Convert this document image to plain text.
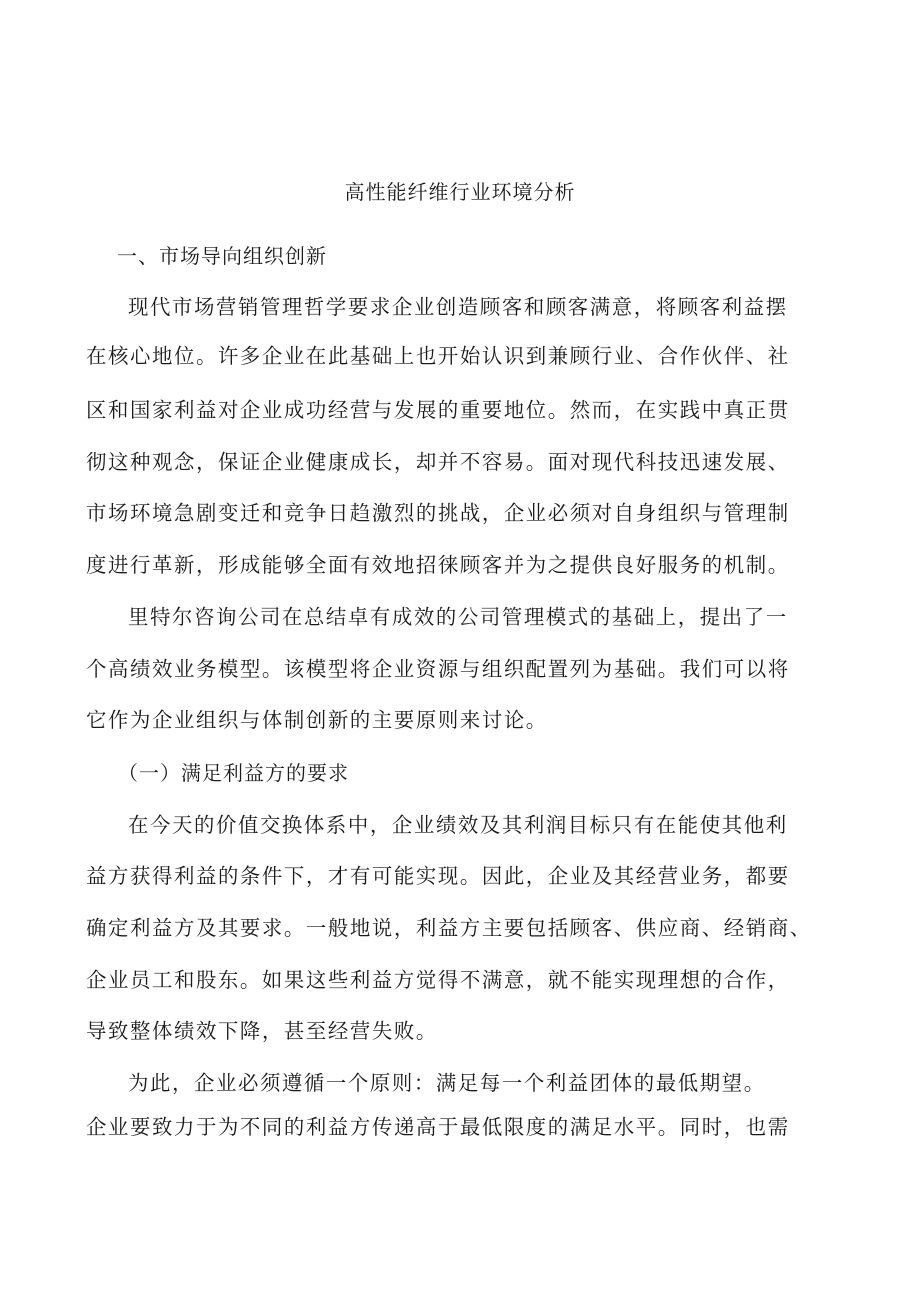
高性能纤维行业环境分析
一、市场导向组织创新
现代市场营销管理哲学要求企业创造顾客和顾客满意，将顾客利益摆
在核心地位。许多企业在此基础上也开始认识到兼顾行业、合作伙伴、社
区和国家利益对企业成功经营与发展的重要地位。然而，在实践中真正贯
彻这种观念，保证企业健康成长，却并不容易。面对现代科技迅速发展、
市场环境急剧变迁和竞争日趋激烈的挑战，企业必须对自身组织与管理制
度进行革新，形成能够全面有效地招徕顾客并为之提供良好服务的机制。
里特尔咨询公司在总结卓有成效的公司管理模式的基础上，提出了一
个高绩效业务模型。该模型将企业资源与组织配置列为基础。我们可以将
它作为企业组织与体制创新的主要原则来讨论。
（一）满足利益方的要求
在今天的价值交换体系中，企业绩效及其利润目标只有在能使其他利
益方获得利益的条件下，才有可能实现。因此，企业及其经营业务，都要
确定利益方及其要求。一般地说，利益方主要包括顾客、供应商、经销商、
企业员工和股东。如果这些利益方觉得不满意，就不能实现理想的合作，
导致整体绩效下降，甚至经营失败。
为此，企业必须遵循一个原则：满足每一个利益团体的最低期望。
企业要致力于为不同的利益方传递高于最低限度的满足水平。同时，也需
